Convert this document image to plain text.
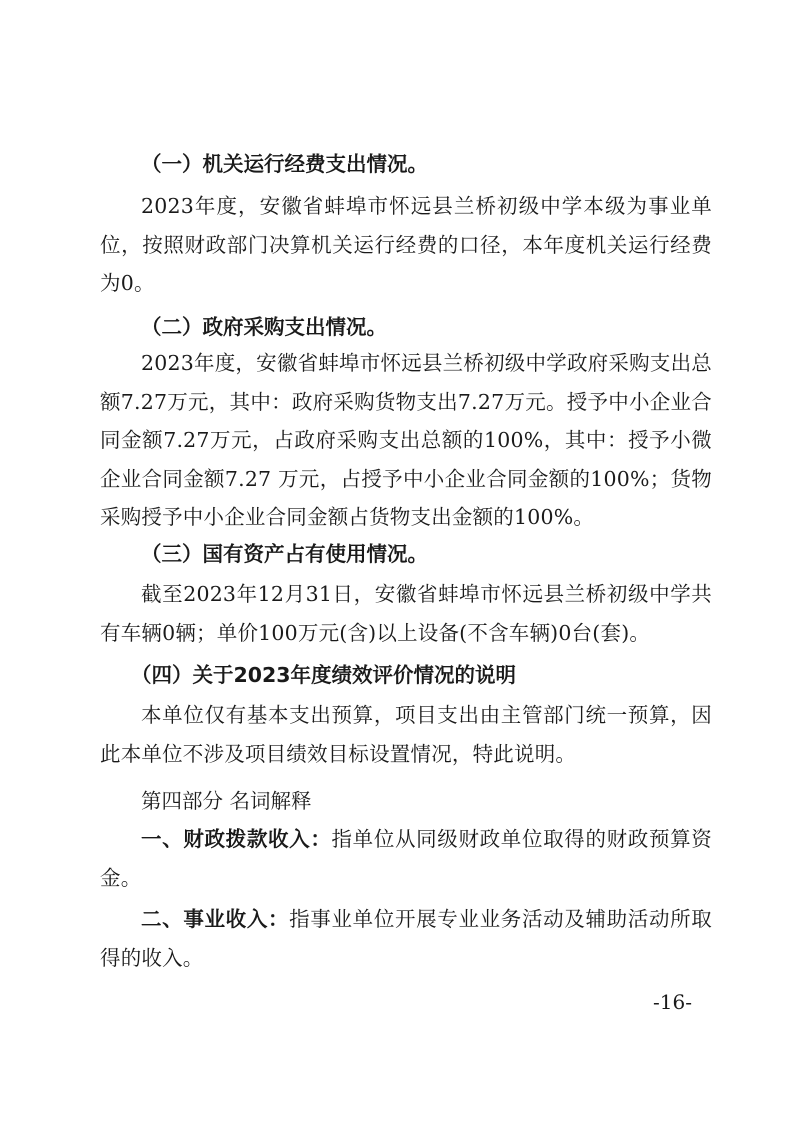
（一）机关运行经费支出情况。

2023年度，安徽省蚌埠市怀远县兰桥初级中学本级为事业单位，按照财政部门决算机关运行经费的口径，本年度机关运行经费为0。

（二）政府采购支出情况。

2023年度，安徽省蚌埠市怀远县兰桥初级中学政府采购支出总额7.27万元，其中：政府采购货物支出7.27万元。授予中小企业合同金额7.27万元，占政府采购支出总额的100%，其中：授予小微企业合同金额7.27 万元，占授予中小企业合同金额的100%；货物采购授予中小企业合同金额占货物支出金额的100%。

（三）国有资产占有使用情况。

截至2023年12月31日，安徽省蚌埠市怀远县兰桥初级中学共有车辆0辆；单价100万元(含)以上设备(不含车辆)0台(套)。

（四）关于2023年度绩效评价情况的说明

本单位仅有基本支出预算，项目支出由主管部门统一预算，因此本单位不涉及项目绩效目标设置情况，特此说明。

第四部分 名词解释

一、财政拨款收入：指单位从同级财政单位取得的财政预算资金。

二、事业收入：指事业单位开展专业业务活动及辅助活动所取得的收入。

-16-
